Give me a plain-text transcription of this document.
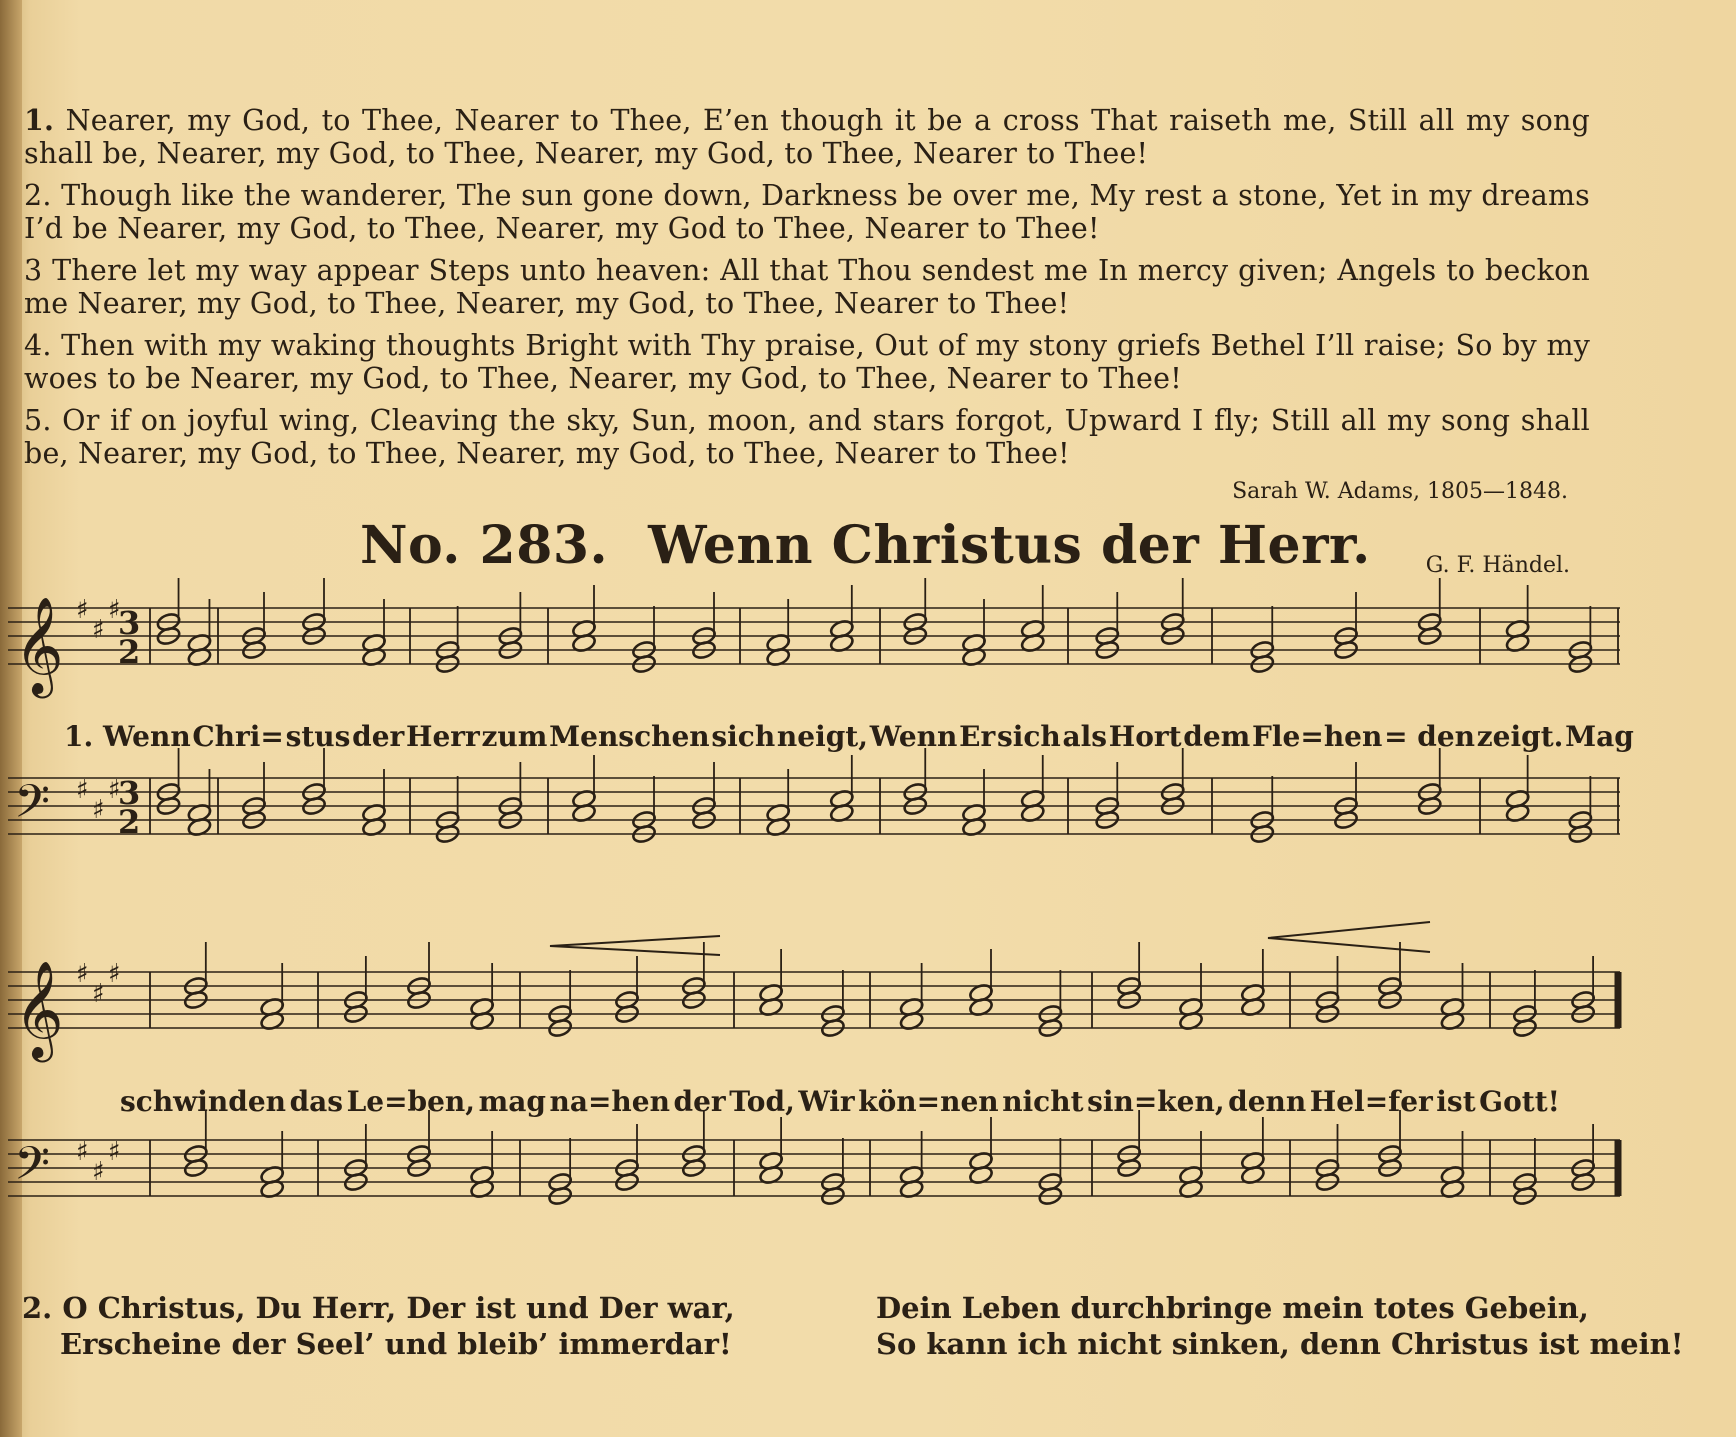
1. Nearer, my God, to Thee, Nearer to Thee, E’en though it be a cross That raiseth me, Still all my song shall be, Nearer, my God, to Thee, Nearer, my God, to Thee, Nearer to Thee!
2. Though like the wanderer, The sun gone down, Darkness be over me, My rest a stone, Yet in my dreams I’d be Nearer, my God, to Thee, Nearer, my God to Thee, Nearer to Thee!
3 There let my way appear Steps unto heaven: All that Thou sendest me In mercy given; Angels to beckon me Nearer, my God, to Thee, Nearer, my God, to Thee, Nearer to Thee!
4. Then with my waking thoughts Bright with Thy praise, Out of my stony griefs Bethel I’ll raise; So by my woes to be Nearer, my God, to Thee, Nearer, my God, to Thee, Nearer to Thee!
5. Or if on joyful wing, Cleaving the sky, Sun, moon, and stars forgot, Upward I fly; Still all my song shall be, Nearer, my God, to Thee, Nearer, my God, to Thee, Nearer to Thee!
Sarah W. Adams, 1805—1848.
No. 283. Wenn Christus der Herr.	G. F. Händel.
𝄞 ♯
♯
♯
3
2
𝄢 ♯
♯
♯
3
2
𝄞 ♯
♯
♯
𝄢 ♯
♯
♯
1. Wenn Chri= stus der Herr zum Menschen sich neigt, Wenn Er sich als Hort dem Fle=hen = den zeigt. Mag
schwinden das Le=ben, mag na=hen der Tod, Wir kön=nen nicht sin=ken, denn Hel=fer ist Gott!
2. O Christus, Du Herr, Der ist und Der war,
Erscheine der Seel’ und bleib’ immerdar!
Dein Leben durchbringe mein totes Gebein,
So kann ich nicht sinken, denn Christus ist mein!
